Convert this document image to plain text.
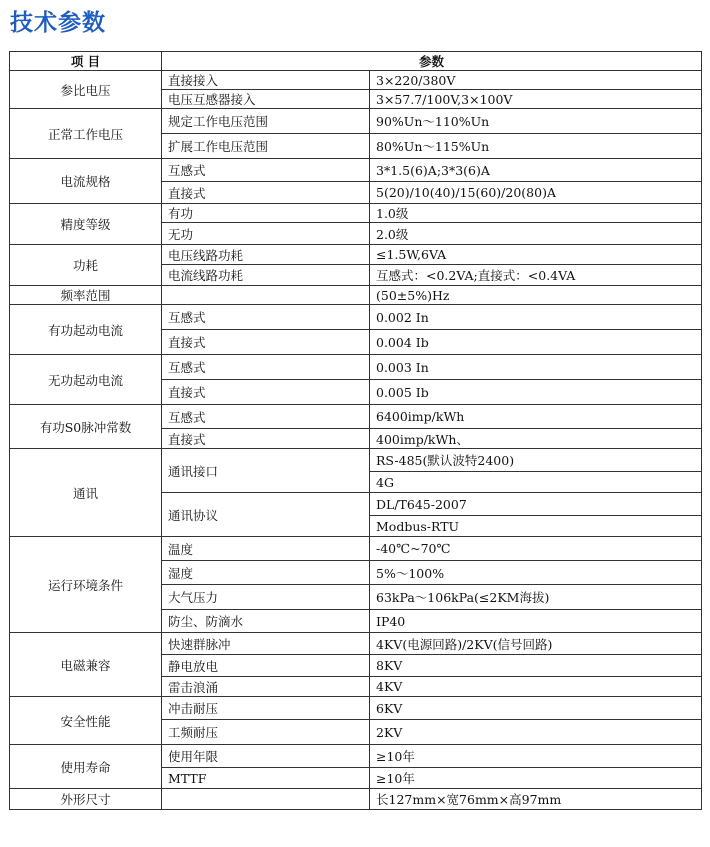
技术参数
项 目	参数	
参比电压	直接接入	3×220/380V
	电压互感器接入	3×57.7/100V,3×100V
正常工作电压	规定工作电压范围	90%Un～110%Un
	扩展工作电压范围	80%Un～115%Un
电流规格	互感式	3*1.5(6)A;3*3(6)A
	直接式	5(20)/10(40)/15(60)/20(80)A
精度等级	有功	1.0级
	无功	2.0级
功耗	电压线路功耗	≤1.5W,6VA
	电流线路功耗	互感式：<0.2VA;直接式：<0.4VA
频率范围		(50±5%)Hz
有功起动电流	互感式	0.002 In
	直接式	0.004 Ib
无功起动电流	互感式	0.003 In
	直接式	0.005 Ib
有功S0脉冲常数	互感式	6400imp/kWh
	直接式	400imp/kWh、
通讯	通讯接口	RS-485(默认波特2400)
		4G
	通讯协议	DL/T645-2007
		Modbus-RTU
运行环境条件	温度	-40℃~70℃
	湿度	5%～100%
	大气压力	63kPa～106kPa(≤2KM海拔)
	防尘、防滴水	IP40
电磁兼容	快速群脉冲	4KV(电源回路)/2KV(信号回路)
	静电放电	8KV
	雷击浪涌	4KV
安全性能	冲击耐压	6KV
	工频耐压	2KV
使用寿命	使用年限	≥10年
	MTTF	≥10年
外形尺寸		长127mm×宽76mm×高97mm
